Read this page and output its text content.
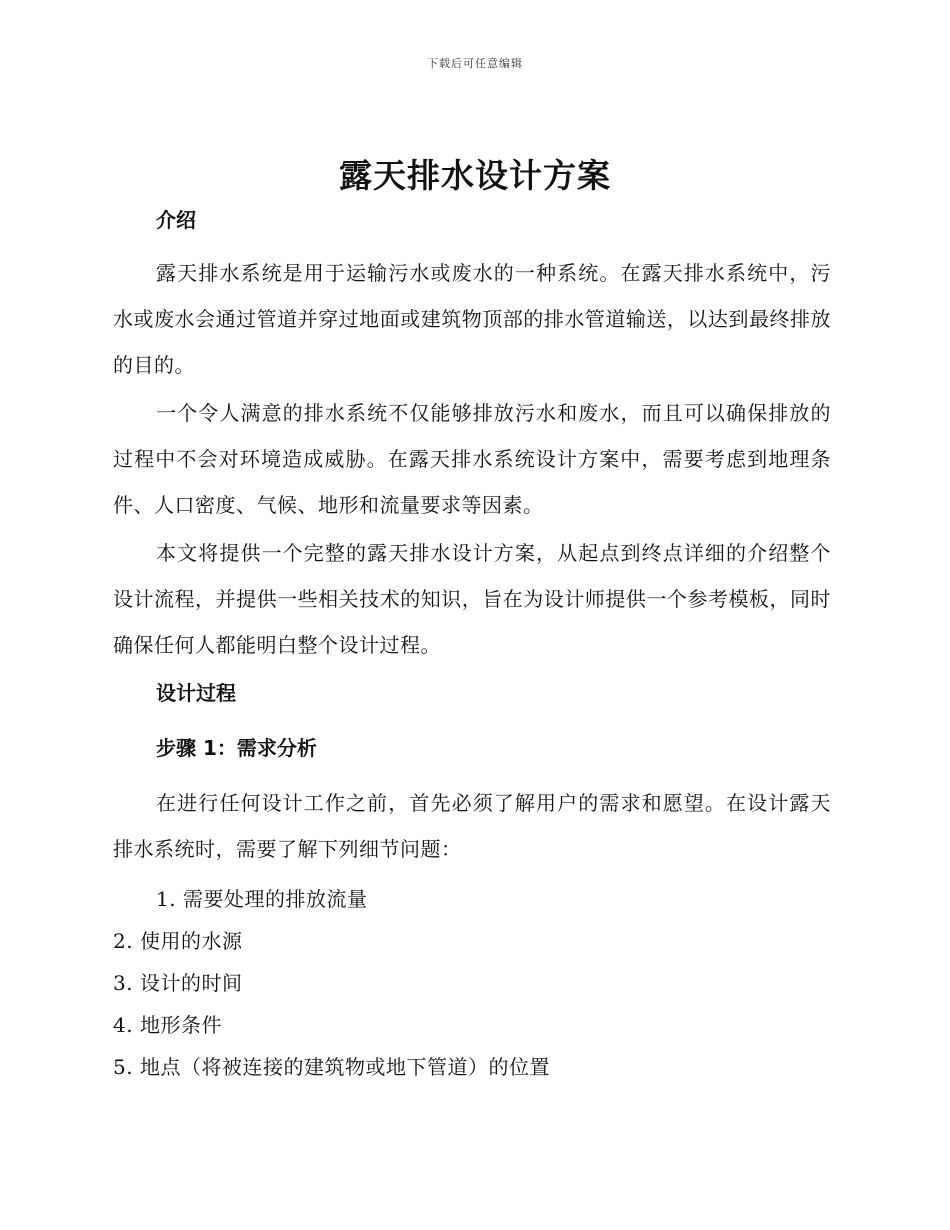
下载后可任意编辑
露天排水设计方案
介绍

露天排水系统是用于运输污水或废水的一种系统。在露天排水系统中，污水或废水会通过管道并穿过地面或建筑物顶部的排水管道输送，以达到最终排放的目的。

一个令人满意的排水系统不仅能够排放污水和废水，而且可以确保排放的过程中不会对环境造成威胁。在露天排水系统设计方案中，需要考虑到地理条件、人口密度、气候、地形和流量要求等因素。

本文将提供一个完整的露天排水设计方案，从起点到终点详细的介绍整个设计流程，并提供一些相关技术的知识，旨在为设计师提供一个参考模板，同时确保任何人都能明白整个设计过程。

设计过程
步骤 1：需求分析

在进行任何设计工作之前，首先必须了解用户的需求和愿望。在设计露天排水系统时，需要了解下列细节问题：

1. 需要处理的排放流量

2. 使用的水源

3. 设计的时间

4. 地形条件

5. 地点（将被连接的建筑物或地下管道）的位置
